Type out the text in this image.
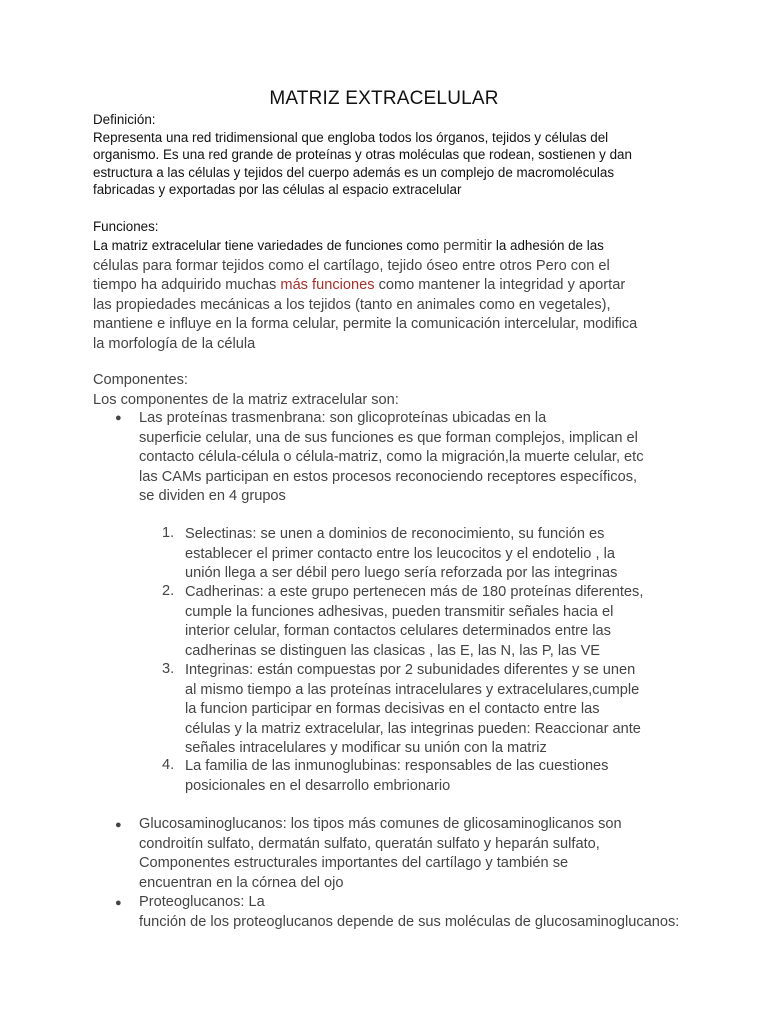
MATRIZ EXTRACELULAR
Definición:
Representa una red tridimensional que engloba todos los órganos, tejidos y células del
organismo. Es una red grande de proteínas y otras moléculas que rodean, sostienen y dan
estructura a las células y tejidos del cuerpo además es un complejo de macromoléculas
fabricadas y exportadas por las células al espacio extracelular
Funciones:
La matriz extracelular tiene variedades de funciones como permitir la adhesión de las
células para formar tejidos como el cartílago, tejido óseo entre otros Pero con el
tiempo ha adquirido muchas más funciones como mantener la integridad y aportar
las propiedades mecánicas a los tejidos (tanto en animales como en vegetales),
mantiene e influye en la forma celular, permite la comunicación intercelular, modifica
la morfología de la célula
Componentes:
Los componentes de la matriz extracelular son:
● Las proteínas trasmenbrana: son glicoproteínas ubicadas en la
superficie celular, una de sus funciones es que forman complejos, implican el
contacto célula-célula o célula-matriz, como la migración,la muerte celular, etc
las CAMs participan en estos procesos reconociendo receptores específicos,
se dividen en 4 grupos
1. Selectinas: se unen a dominios de reconocimiento, su función es
establecer el primer contacto entre los leucocitos y el endotelio , la
unión llega a ser débil pero luego sería reforzada por las integrinas
2. Cadherinas: a este grupo pertenecen más de 180 proteínas diferentes,
cumple la funciones adhesivas, pueden transmitir señales hacia el
interior celular, forman contactos celulares determinados entre las
cadherinas se distinguen las clasicas , las E, las N, las P, las VE
3. Integrinas: están compuestas por 2 subunidades diferentes y se unen
al mismo tiempo a las proteínas intracelulares y extracelulares,cumple
la funcion participar en formas decisivas en el contacto entre las
células y la matriz extracelular, las integrinas pueden: Reaccionar ante
señales intracelulares y modificar su unión con la matriz
4. La familia de las inmunoglubinas: responsables de las cuestiones
posicionales en el desarrollo embrionario
● Glucosaminoglucanos: los tipos más comunes de glicosaminoglicanos son
condroitín sulfato, dermatán sulfato, queratán sulfato y heparán sulfato,
Componentes estructurales importantes del cartílago y también se
encuentran en la córnea del ojo
● Proteoglucanos: La
función de los proteoglucanos depende de sus moléculas de glucosaminoglucanos:
